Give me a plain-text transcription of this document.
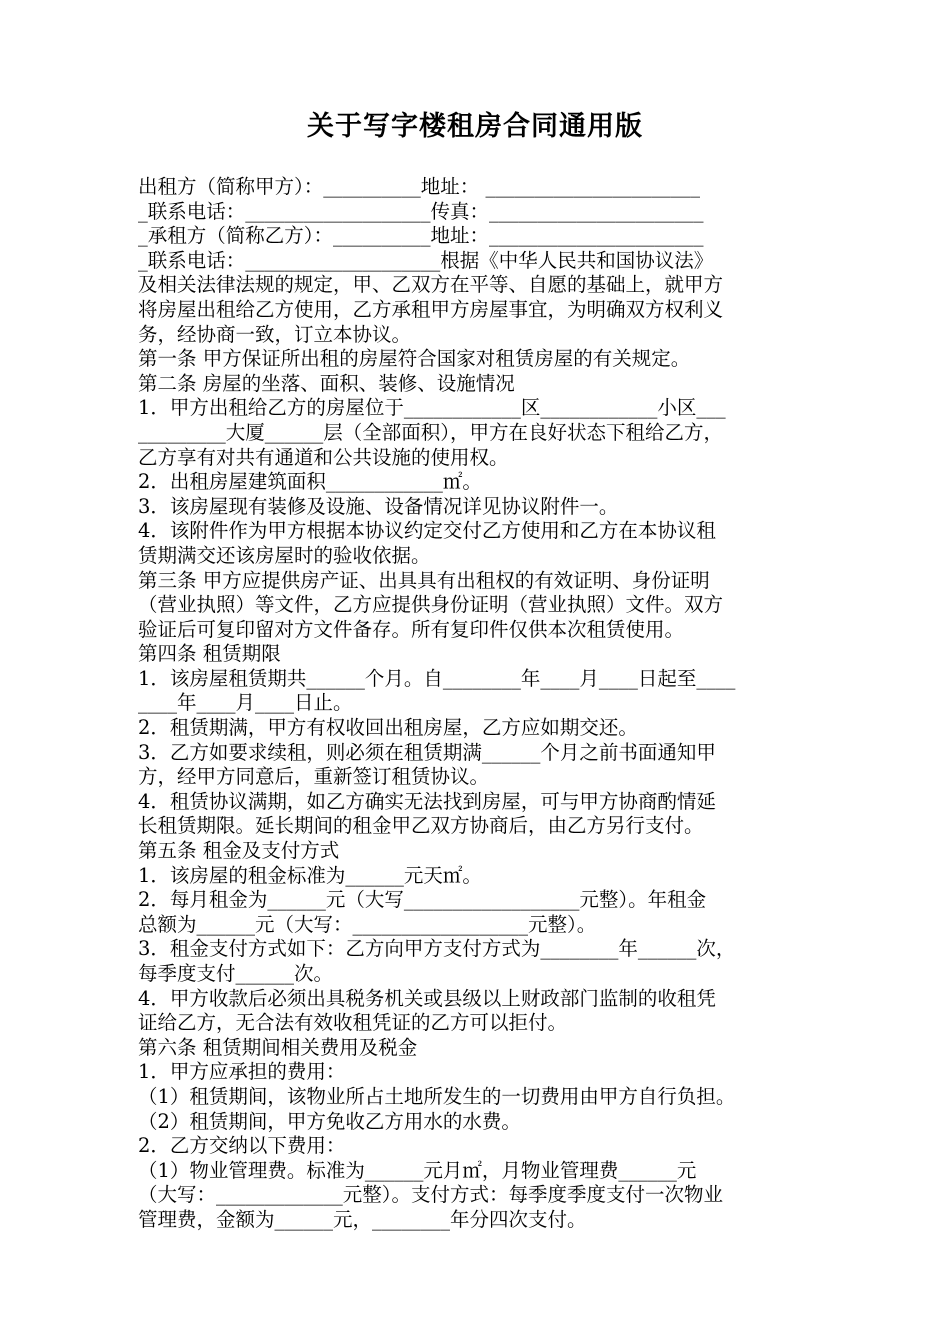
关于写字楼租房合同通用版
出租方（简称甲方）：__________地址： ______________________
_联系电话：___________________传真：______________________
_承租方（简称乙方）：__________地址：______________________
_联系电话：____________________根据《中华人民共和国协议法》
及相关法律法规的规定，甲、乙双方在平等、自愿的基础上，就甲方
将房屋出租给乙方使用，乙方承租甲方房屋事宜，为明确双方权利义
务，经协商一致，订立本协议。
第一条 甲方保证所出租的房屋符合国家对租赁房屋的有关规定。
第二条 房屋的坐落、面积、装修、设施情况
1．甲方出租给乙方的房屋位于____________区____________小区___
_________大厦______层（全部面积），甲方在良好状态下租给乙方，
乙方享有对共有通道和公共设施的使用权。
2．出租房屋建筑面积____________㎡。
3．该房屋现有装修及设施、设备情况详见协议附件一。
4．该附件作为甲方根据本协议约定交付乙方使用和乙方在本协议租
赁期满交还该房屋时的验收依据。
第三条 甲方应提供房产证、出具具有出租权的有效证明、身份证明
（营业执照）等文件，乙方应提供身份证明（营业执照）文件。双方
验证后可复印留对方文件备存。所有复印件仅供本次租赁使用。
第四条 租赁期限
1．该房屋租赁期共______个月。自________年____月____日起至____
____年____月____日止。
2．租赁期满，甲方有权收回出租房屋，乙方应如期交还。
3．乙方如要求续租，则必须在租赁期满______个月之前书面通知甲
方，经甲方同意后，重新签订租赁协议。
4．租赁协议满期，如乙方确实无法找到房屋，可与甲方协商酌情延
长租赁期限。延长期间的租金甲乙双方协商后，由乙方另行支付。
第五条 租金及支付方式
1．该房屋的租金标准为______元天㎡。
2．每月租金为______元（大写__________________元整）。年租金
总额为______元（大写：__________________元整）。
3．租金支付方式如下：乙方向甲方支付方式为________年______次，
每季度支付______次。
4．甲方收款后必须出具税务机关或县级以上财政部门监制的收租凭
证给乙方，无合法有效收租凭证的乙方可以拒付。
第六条 租赁期间相关费用及税金
1．甲方应承担的费用：
（1）租赁期间，该物业所占土地所发生的一切费用由甲方自行负担。
（2）租赁期间，甲方免收乙方用水的水费。
2．乙方交纳以下费用：
（1）物业管理费。标准为______元月㎡，月物业管理费______元
（大写：_____________元整）。支付方式：每季度季度支付一次物业
管理费，金额为______元，________年分四次支付。
